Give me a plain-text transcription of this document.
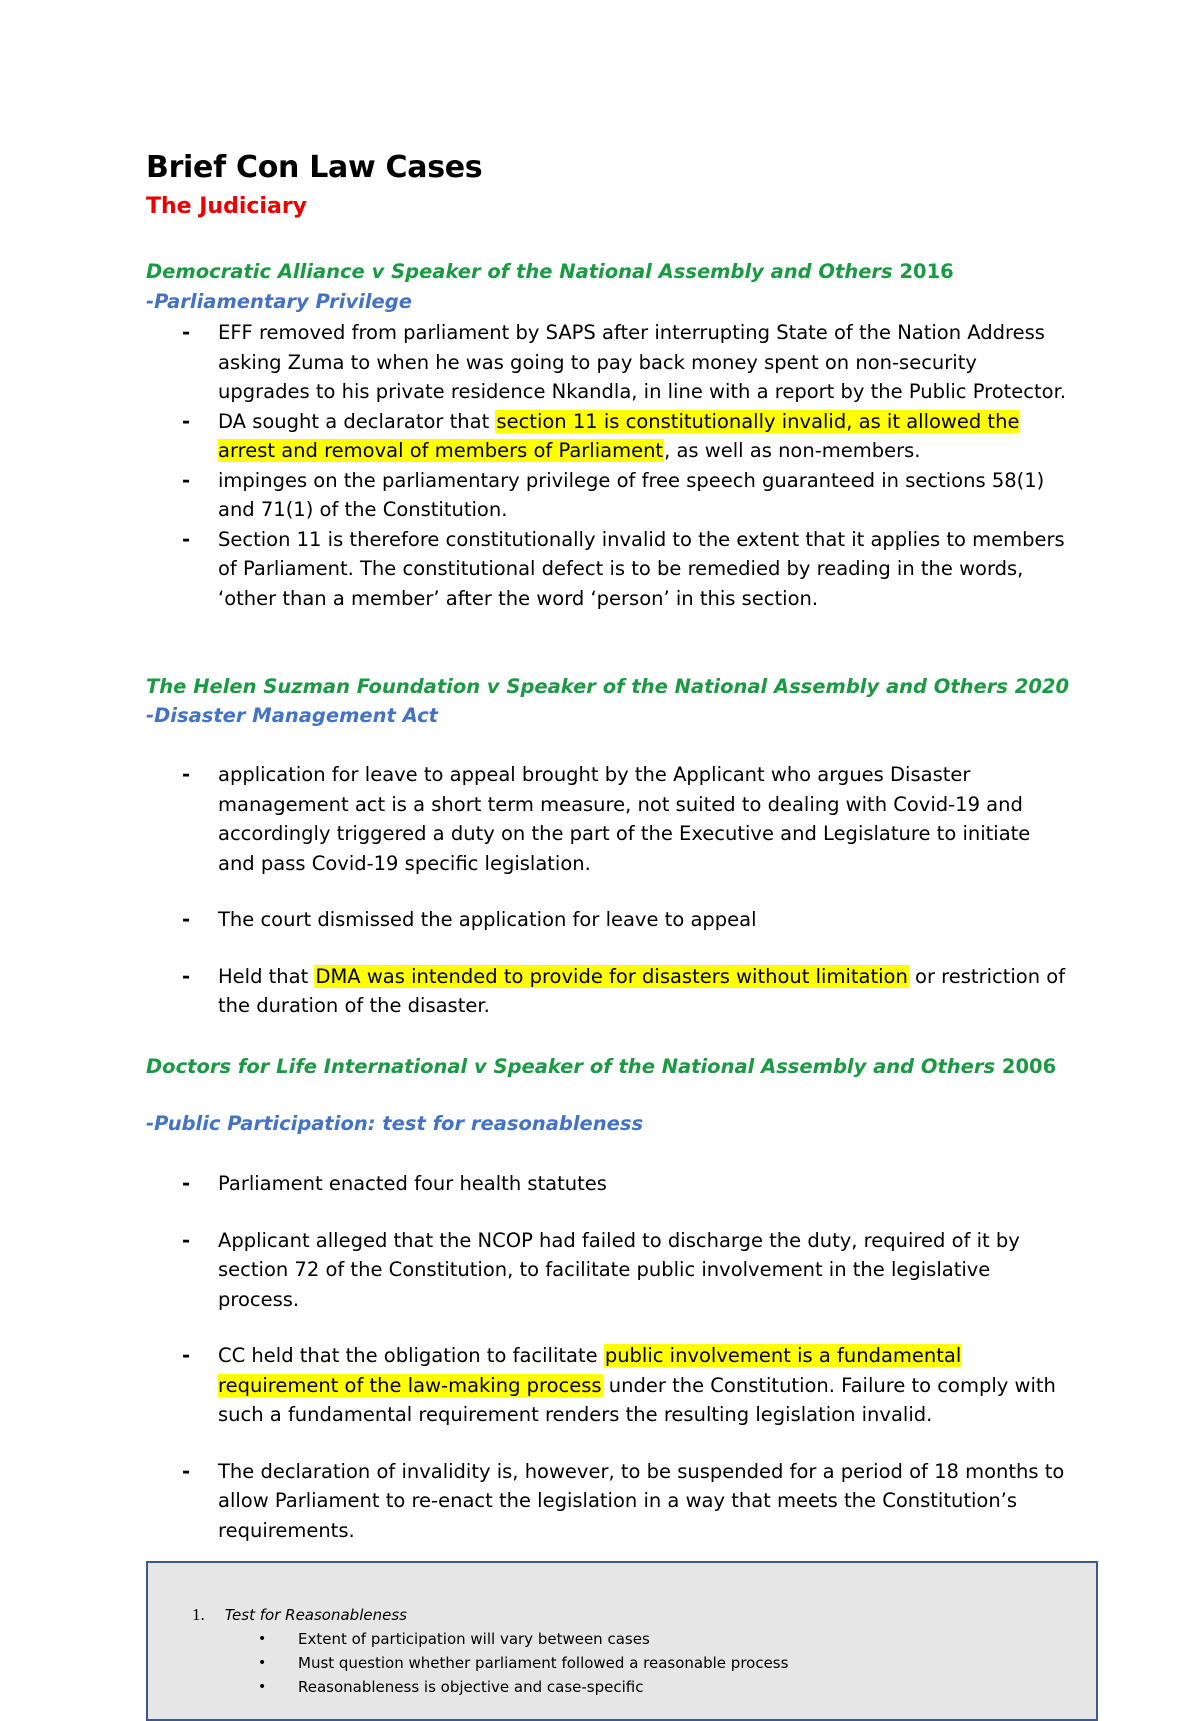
Brief Con Law Cases
The Judiciary

Democratic Alliance v Speaker of the National Assembly and Others 2016

-Parliamentary Privilege

- EFF removed from parliament by SAPS after interrupting State of the Nation Address asking Zuma to when he was going to pay back money spent on non-security upgrades to his private residence Nkandla, in line with a report by the Public Protector.
- DA sought a declarator that section 11 is constitutionally invalid, as it allowed the arrest and removal of members of Parliament, as well as non-members.
- impinges on the parliamentary privilege of free speech guaranteed in sections 58(1) and 71(1) of the Constitution.
- Section 11 is therefore constitutionally invalid to the extent that it applies to members of Parliament. The constitutional defect is to be remedied by reading in the words, ‘other than a member’ after the word ‘person’ in this section.

The Helen Suzman Foundation v Speaker of the National Assembly and Others 2020

-Disaster Management Act

- application for leave to appeal brought by the Applicant who argues Disaster management act is a short term measure, not suited to dealing with Covid-19 and accordingly triggered a duty on the part of the Executive and Legislature to initiate and pass Covid-19 specific legislation.
- The court dismissed the application for leave to appeal
- Held that DMA was intended to provide for disasters without limitation or restriction of the duration of the disaster.

Doctors for Life International v Speaker of the National Assembly and Others 2006

-Public Participation: test for reasonableness

- Parliament enacted four health statutes
- Applicant alleged that the NCOP had failed to discharge the duty, required of it by section 72 of the Constitution, to facilitate public involvement in the legislative process.
- CC held that the obligation to facilitate public involvement is a fundamental requirement of the law-making process under the Constitution. Failure to comply with such a fundamental requirement renders the resulting legislation invalid.
- The declaration of invalidity is, however, to be suspended for a period of 18 months to allow Parliament to re-enact the legislation in a way that meets the Constitution’s requirements.
1. Test for Reasonableness
• Extent of participation will vary between cases
• Must question whether parliament followed a reasonable process
• Reasonableness is objective and case-specific
